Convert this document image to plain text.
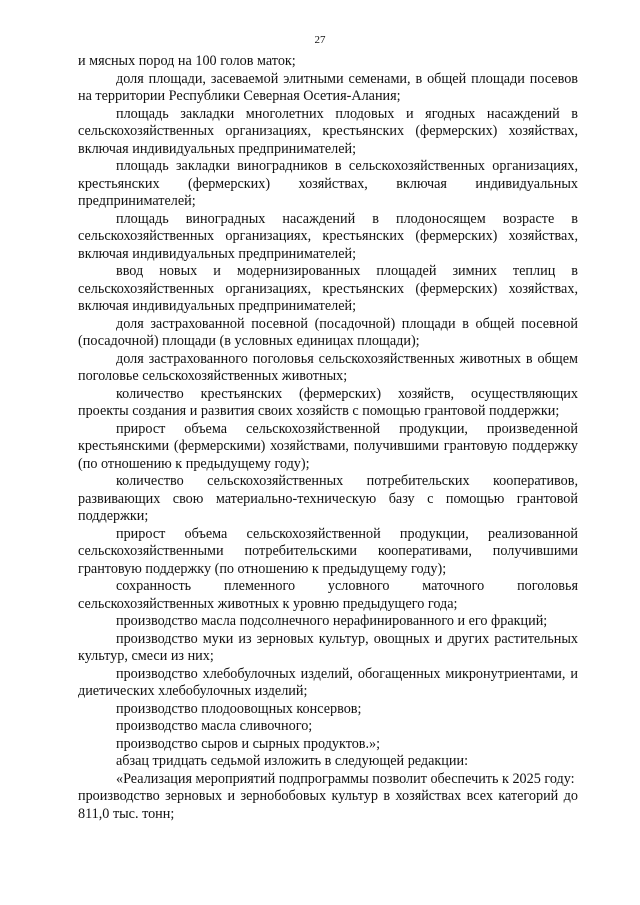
27

и мясных пород на 100 голов маток;

доля площади, засеваемой элитными семенами, в общей площади посевов на территории Республики Северная Осетия-Алания;

площадь закладки многолетних плодовых и ягодных насаждений в сельскохозяйственных организациях, крестьянских (фермерских) хозяйствах, включая индивидуальных предпринимателей;

площадь закладки виноградников в сельскохозяйственных организациях, крестьянских (фермерских) хозяйствах, включая индивидуальных предпринимателей;

площадь виноградных насаждений в плодоносящем возрасте в сельскохозяйственных организациях, крестьянских (фермерских) хозяйствах, включая индивидуальных предпринимателей;

ввод новых и модернизированных площадей зимних теплиц в сельскохозяйственных организациях, крестьянских (фермерских) хозяйствах, включая индивидуальных предпринимателей;

доля застрахованной посевной (посадочной) площади в общей посевной (посадочной) площади (в условных единицах площади);

доля застрахованного поголовья сельскохозяйственных животных в общем поголовье сельскохозяйственных животных;

количество крестьянских (фермерских) хозяйств, осуществляющих проекты создания и развития своих хозяйств с помощью грантовой поддержки;

прирост объема сельскохозяйственной продукции, произведенной крестьянскими (фермерскими) хозяйствами, получившими грантовую поддержку (по отношению к предыдущему году);

количество сельскохозяйственных потребительских кооперативов, развивающих свою материально-техническую базу с помощью грантовой поддержки;

прирост объема сельскохозяйственной продукции, реализованной сельскохозяйственными потребительскими кооперативами, получившими грантовую поддержку (по отношению к предыдущему году);

сохранность племенного условного маточного поголовья сельскохозяйственных животных к уровню предыдущего года;

производство масла подсолнечного нерафинированного и его фракций;

производство муки из зерновых культур, овощных и других растительных культур, смеси из них;

производство хлебобулочных изделий, обогащенных микронутриентами, и диетических хлебобулочных изделий;

производство плодоовощных консервов;

производство масла сливочного;

производство сыров и сырных продуктов.»;

абзац тридцать седьмой изложить в следующей редакции:

«Реализация мероприятий подпрограммы позволит обеспечить к 2025 году:

производство зерновых и зернобобовых культур в хозяйствах всех категорий до 811,0 тыс. тонн;
